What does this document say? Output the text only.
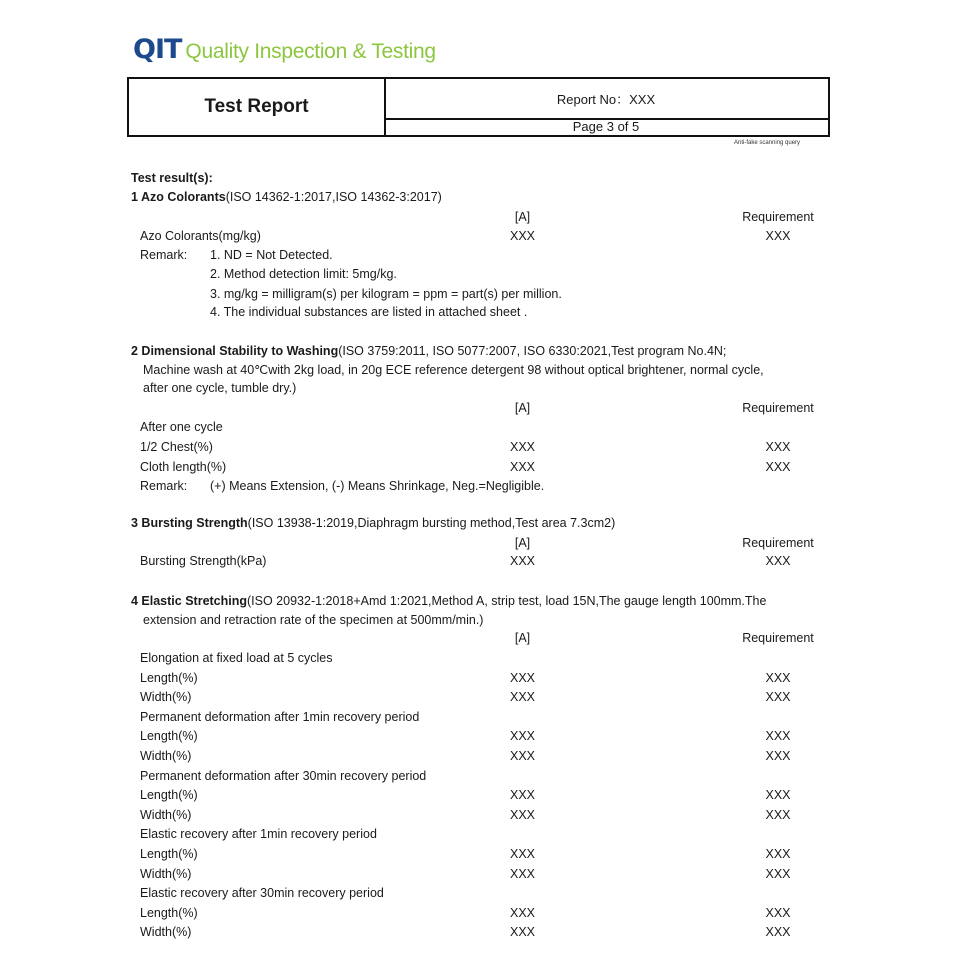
QIT Quality Inspection & Testing
Test Report	Report No：XXX
Page 3 of 5
Anti-fake scanning query
Test result(s):
1 Azo Colorants(ISO 14362-1:2017,ISO 14362-3:2017)
[A]	Requirement
Azo Colorants(mg/kg)	XXX	XXX
Remark: 1. ND = Not Detected.
2. Method detection limit: 5mg/kg.
3. mg/kg = milligram(s) per kilogram = ppm = part(s) per million.
4. The individual substances are listed in attached sheet .
2 Dimensional Stability to Washing(ISO 3759:2011, ISO 5077:2007, ISO 6330:2021,Test program No.4N;
Machine wash at 40℃with 2kg load, in 20g ECE reference detergent 98 without optical brightener, normal cycle,
after one cycle, tumble dry.)
[A]	Requirement
After one cycle
1/2 Chest(%)	XXX	XXX
Cloth length(%)	XXX	XXX
Remark: (+) Means Extension, (-) Means Shrinkage, Neg.=Negligible.
3 Bursting Strength(ISO 13938-1:2019,Diaphragm bursting method,Test area 7.3cm2)
[A]	Requirement
Bursting Strength(kPa)	XXX	XXX
4 Elastic Stretching(ISO 20932-1:2018+Amd 1:2021,Method A, strip test, load 15N,The gauge length 100mm.The
extension and retraction rate of the specimen at 500mm/min.)
[A]	Requirement
Elongation at fixed load at 5 cycles
Length(%)	XXX	XXX
Width(%)	XXX	XXX
Permanent deformation after 1min recovery period
Length(%)	XXX	XXX
Width(%)	XXX	XXX
Permanent deformation after 30min recovery period
Length(%)	XXX	XXX
Width(%)	XXX	XXX
Elastic recovery after 1min recovery period
Length(%)	XXX	XXX
Width(%)	XXX	XXX
Elastic recovery after 30min recovery period
Length(%)	XXX	XXX
Width(%)	XXX	XXX
